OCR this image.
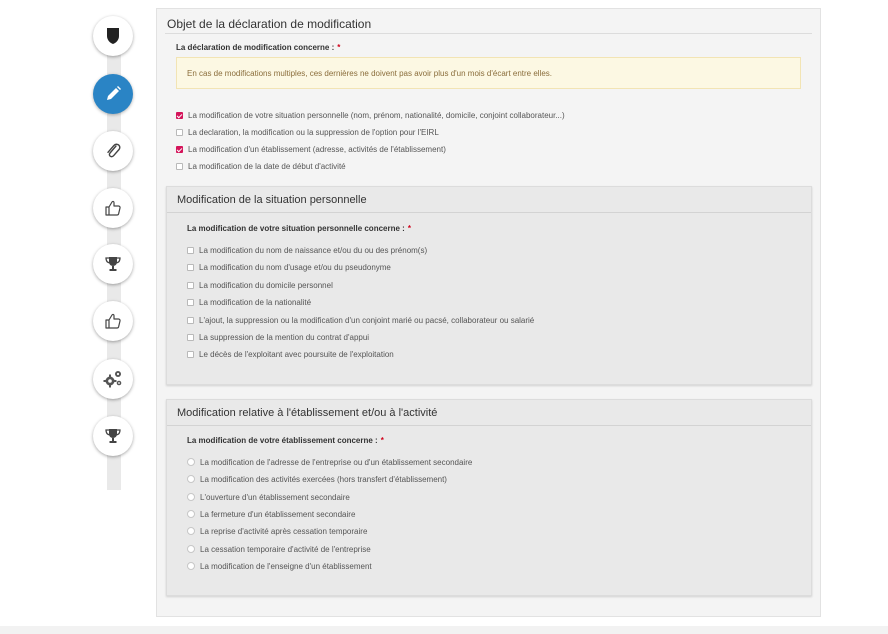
Objet de la déclaration de modification
La déclaration de modification concerne : *
En cas de modifications multiples, ces dernières ne doivent pas avoir plus d'un mois d'écart entre elles.
La modification de votre situation personnelle (nom, prénom, nationalité, domicile, conjoint collaborateur...)
La declaration, la modification ou la suppression de l'option pour l'EIRL
La modification d'un établissement (adresse, activités de l'établissement)
La modification de la date de début d'activité
Modification de la situation personnelle
La modification de votre situation personnelle concerne : *
La modification du nom de naissance et/ou du ou des prénom(s)
La modification du nom d'usage et/ou du pseudonyme
La modification du domicile personnel
La modification de la nationalité
L'ajout, la suppression ou la modification d'un conjoint marié ou pacsé, collaborateur ou salarié
La suppression de la mention du contrat d'appui
Le décès de l'exploitant avec poursuite de l'exploitation
Modification relative à l'établissement et/ou à l'activité
La modification de votre établissement concerne : *
La modification de l'adresse de l'entreprise ou d'un établissement secondaire
La modification des activités exercées (hors transfert d'établissement)
L'ouverture d'un établissement secondaire
La fermeture d'un établissement secondaire
La reprise d'activité après cessation temporaire
La cessation temporaire d'activité de l'entreprise
La modification de l'enseigne d'un établissement
